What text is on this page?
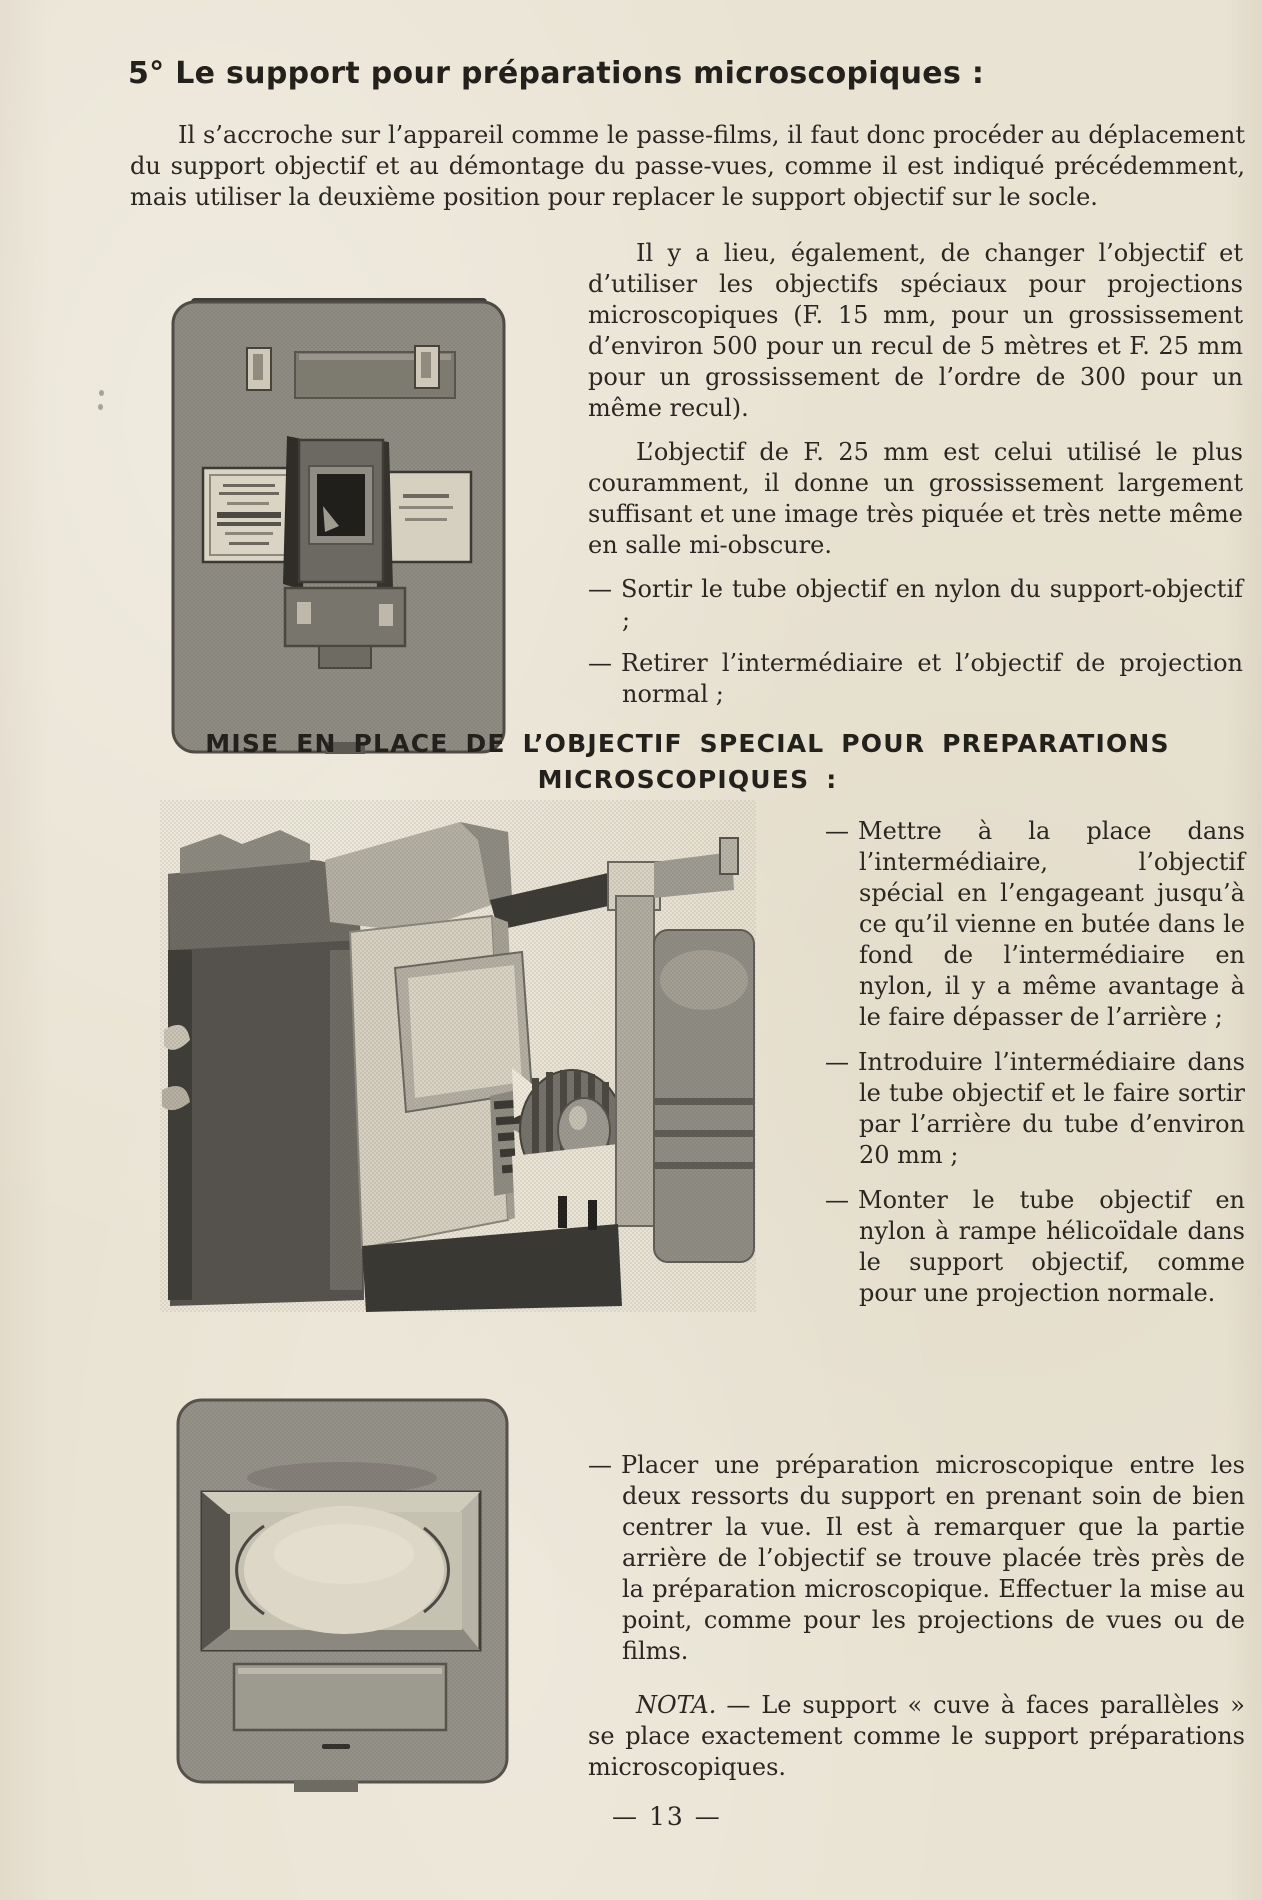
5° Le support pour préparations microscopiques :
Il s’accroche sur l’appareil comme le passe-films, il faut donc procéder au déplacement du support objectif et au démontage du passe-vues, comme il est indiqué précédemment, mais utiliser la deuxième position pour replacer le support objectif sur le socle.

Il y a lieu, également, de changer l’objectif et d’utiliser les objectifs spéciaux pour projections microscopiques (F. 15 mm, pour un grossissement d’environ 500 pour un recul de 5 mètres et F. 25 mm pour un grossissement de l’ordre de 300 pour un même recul).

L’objectif de F. 25 mm est celui utilisé le plus couramment, il donne un grossissement largement suffisant et une image très piquée et très nette même en salle mi-obscure.

— Sortir le tube objectif en nylon du support-objectif ;
— Retirer l’intermédiaire et l’objectif de projection normal ;
MISE EN PLACE DE L’OBJECTIF SPECIAL POUR PREPARATIONS
MICROSCOPIQUES :
— Mettre à la place dans l’intermédiaire, l’objectif spécial en l’engageant jusqu’à ce qu’il vienne en butée dans le fond de l’intermédiaire en nylon, il y a même avantage à le faire dépasser de l’arrière ;
— Introduire l’intermédiaire dans le tube objectif et le faire sortir par l’arrière du tube d’environ 20 mm ;
— Monter le tube objectif en nylon à rampe hélicoïdale dans le support objectif, comme pour une projection normale.
— Placer une préparation microscopique entre les deux ressorts du support en prenant soin de bien centrer la vue. Il est à remarquer que la partie arrière de l’objectif se trouve placée très près de la préparation microscopique. Effectuer la mise au point, comme pour les projections de vues ou de films.
NOTA. — Le support « cuve à faces parallèles » se place exactement comme le support préparations microscopiques.
— 13 —
